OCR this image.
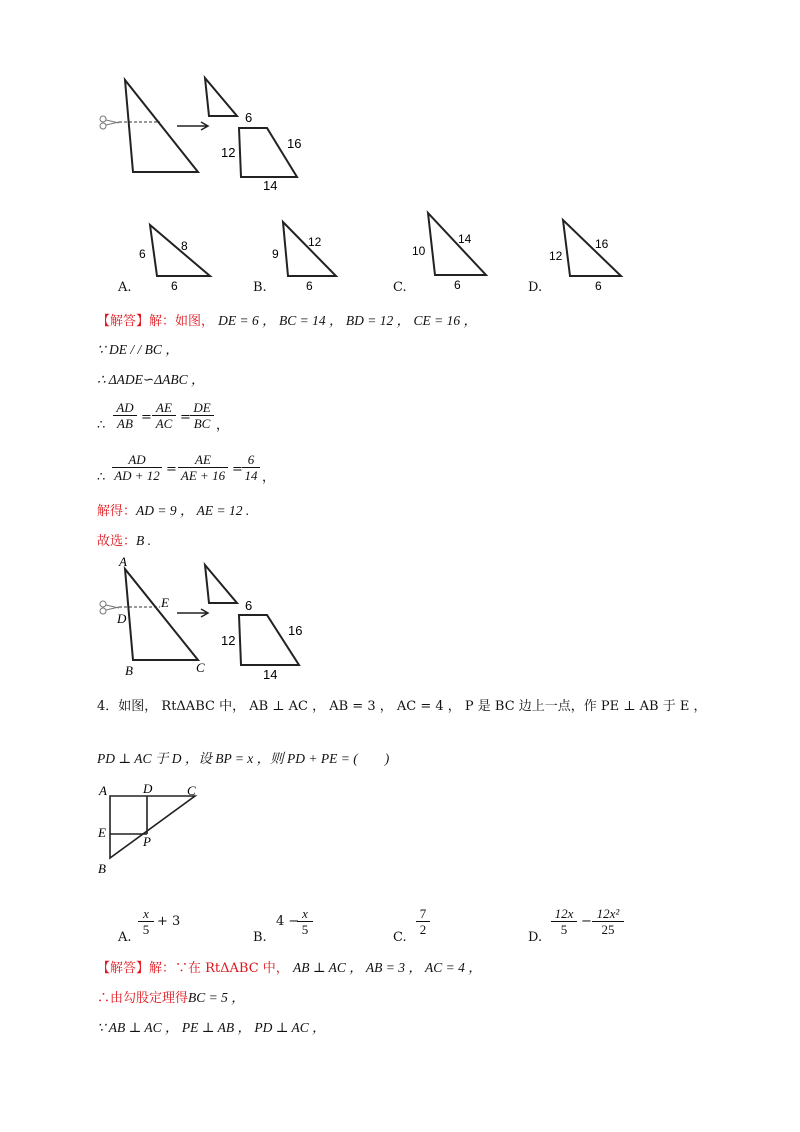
6
12
16
14
6
8
6
A.
9
12
6
B.
10
14
6
C.
12
16
6
D.
【解答】解：如图， DE = 6 ， BC = 14 ， BD = 12 ， CE = 16 ，
∵ DE / / BC ，
∴ ΔADE∽ΔABC ，
∴ $\frac{AD}{AB} = \frac{AE}{AC} = \frac{DE}{BC}$ ，
∴ $\frac{AD}{AD + 12} = \frac{AE}{AE + 16} = \frac{6}{14}$ ，
解得：AD = 9 ， AE = 12 .
故选：B .
A
D
E
B	C
6
12
16
14
4．如图， RtΔABC 中， AB ⊥ AC ， AB = 3 ， AC = 4 ， P 是 BC 边上一点，作 PE ⊥ AB 于 E ，
PD ⊥ AC 于 D ，设 BP = x ，则 PD + PE = (　　)
A	D	C
E
P
B
A.
$\frac{x}{5} + 3$
B.
4 −
$\frac{x}{5}$
C.
$\frac{7}{2}$
D.
$\frac{12x}{5} - \frac{\text{12x²}}{25}$
【解答】解：∵在 RtΔABC 中， AB ⊥ AC ， AB = 3 ， AC = 4 ，
∴由勾股定理得BC = 5 ，
∵ AB ⊥ AC ， PE ⊥ AB ， PD ⊥ AC ，
